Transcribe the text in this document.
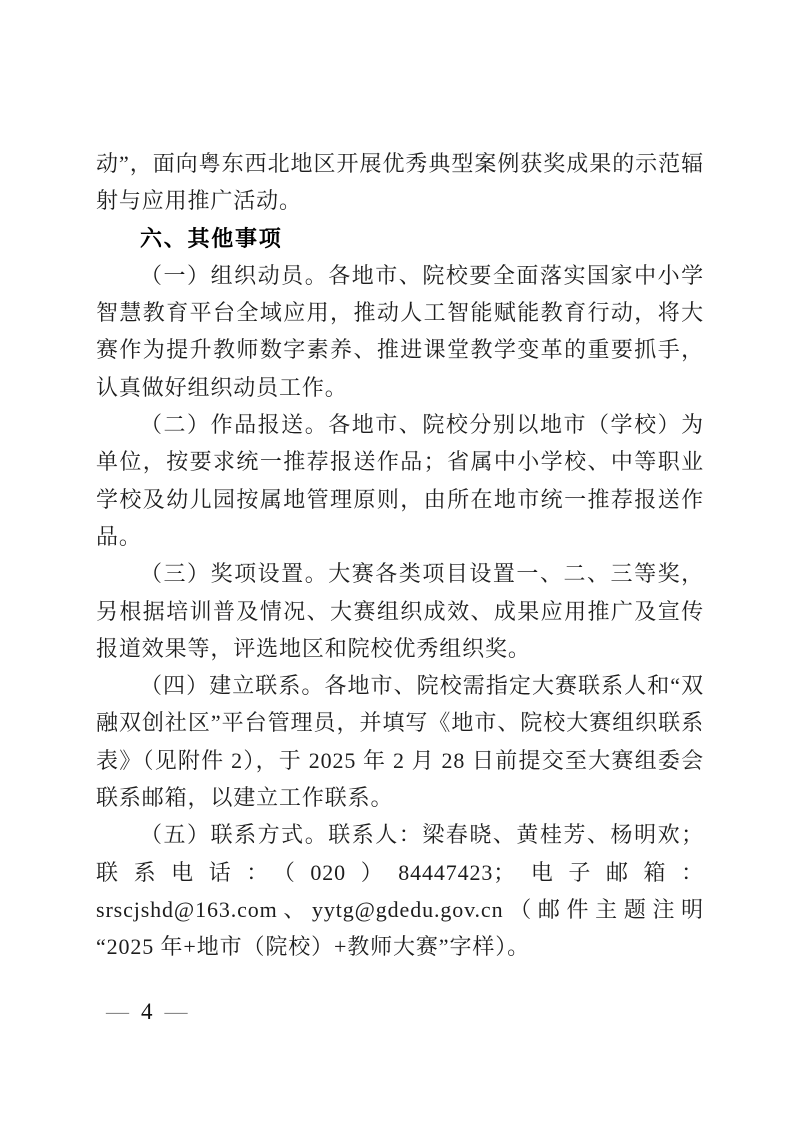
动”，面向粤东西北地区开展优秀典型案例获奖成果的示范辐射与应用推广活动。

六、其他事项

（一）组织动员。各地市、院校要全面落实国家中小学智慧教育平台全域应用，推动人工智能赋能教育行动，将大赛作为提升教师数字素养、推进课堂教学变革的重要抓手，认真做好组织动员工作。

（二）作品报送。各地市、院校分别以地市（学校）为单位，按要求统一推荐报送作品；省属中小学校、中等职业学校及幼儿园按属地管理原则，由所在地市统一推荐报送作品。

（三）奖项设置。大赛各类项目设置一、二、三等奖，另根据培训普及情况、大赛组织成效、成果应用推广及宣传报道效果等，评选地区和院校优秀组织奖。

（四）建立联系。各地市、院校需指定大赛联系人和“双融双创社区”平台管理员，并填写《地市、院校大赛组织联系表》（见附件 2），于 2025 年 2 月 28 日前提交至大赛组委会联系邮箱，以建立工作联系。

（五）联系方式。联系人：梁春晓、黄桂芳、杨明欢；联系电话：（020）84447423；电子邮箱：srscjshd@163.com、yytg@gdedu.gov.cn（邮件主题注明“2025 年+地市（院校）+教师大赛”字样）。

— 4 —
